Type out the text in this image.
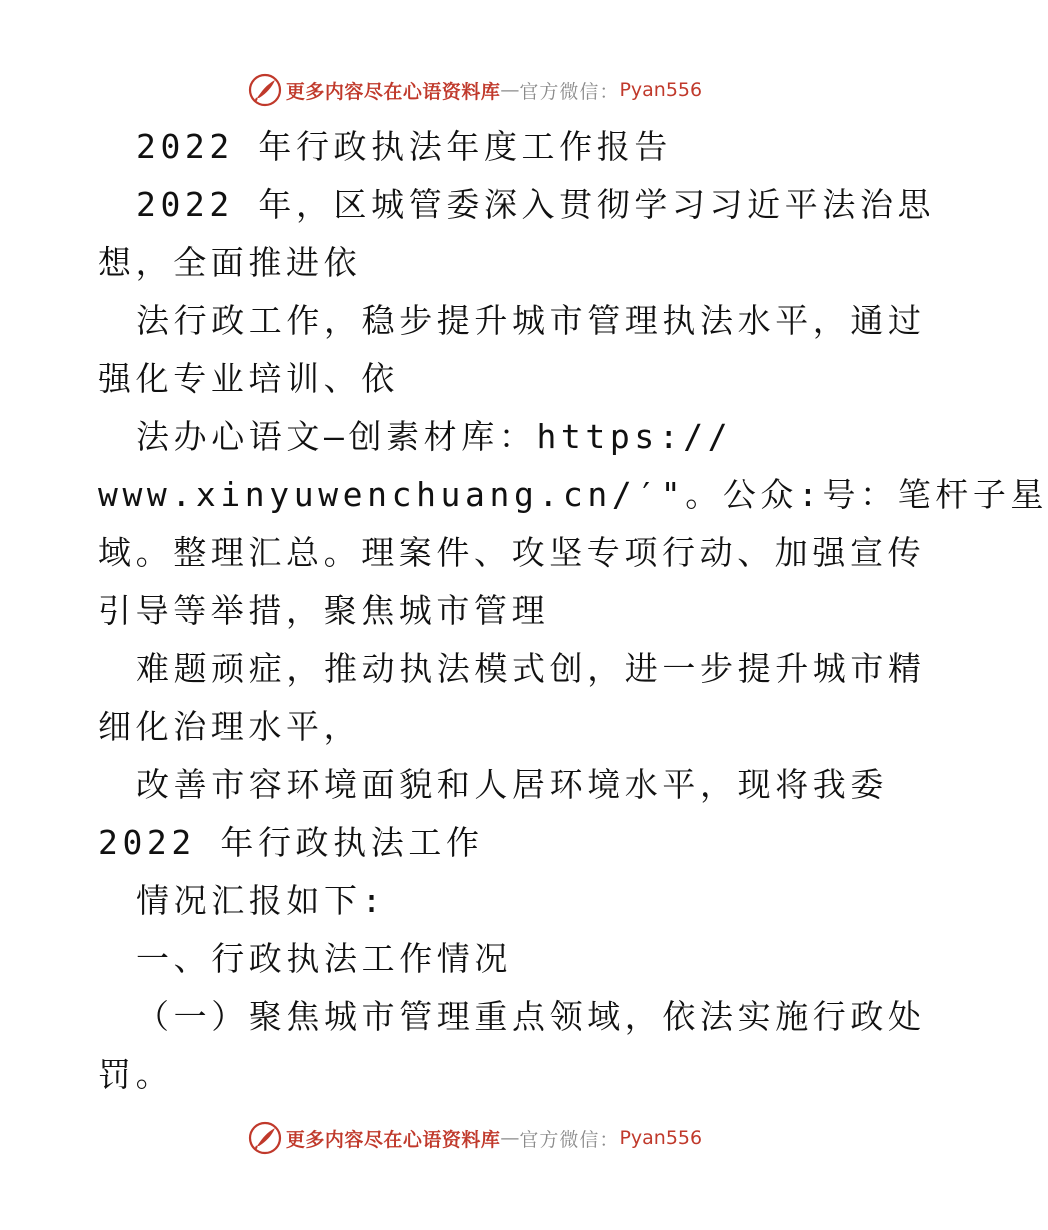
更多内容尽在心语资料库 — 官方微信： Pyan556
2022 年行政执法年度工作报告
2022 年，区城管委深入贯彻学习习近平法治思
想，全面推进依
法行政工作，稳步提升城市管理执法水平，通过
强化专业培训、依
法办心语文—创素材库：https://
www.xinyuwenchuang.cn/′"。公众:号：笔杆子星
域。整理汇总。理案件、攻坚专项行动、加强宣传
引导等举措，聚焦城市管理
难题顽症，推动执法模式创，进一步提升城市精
细化治理水平，
改善市容环境面貌和人居环境水平，现将我委
2022 年行政执法工作
情况汇报如下:
一、行政执法工作情况
（一）聚焦城市管理重点领域，依法实施行政处
罚。
更多内容尽在心语资料库 — 官方微信： Pyan556
